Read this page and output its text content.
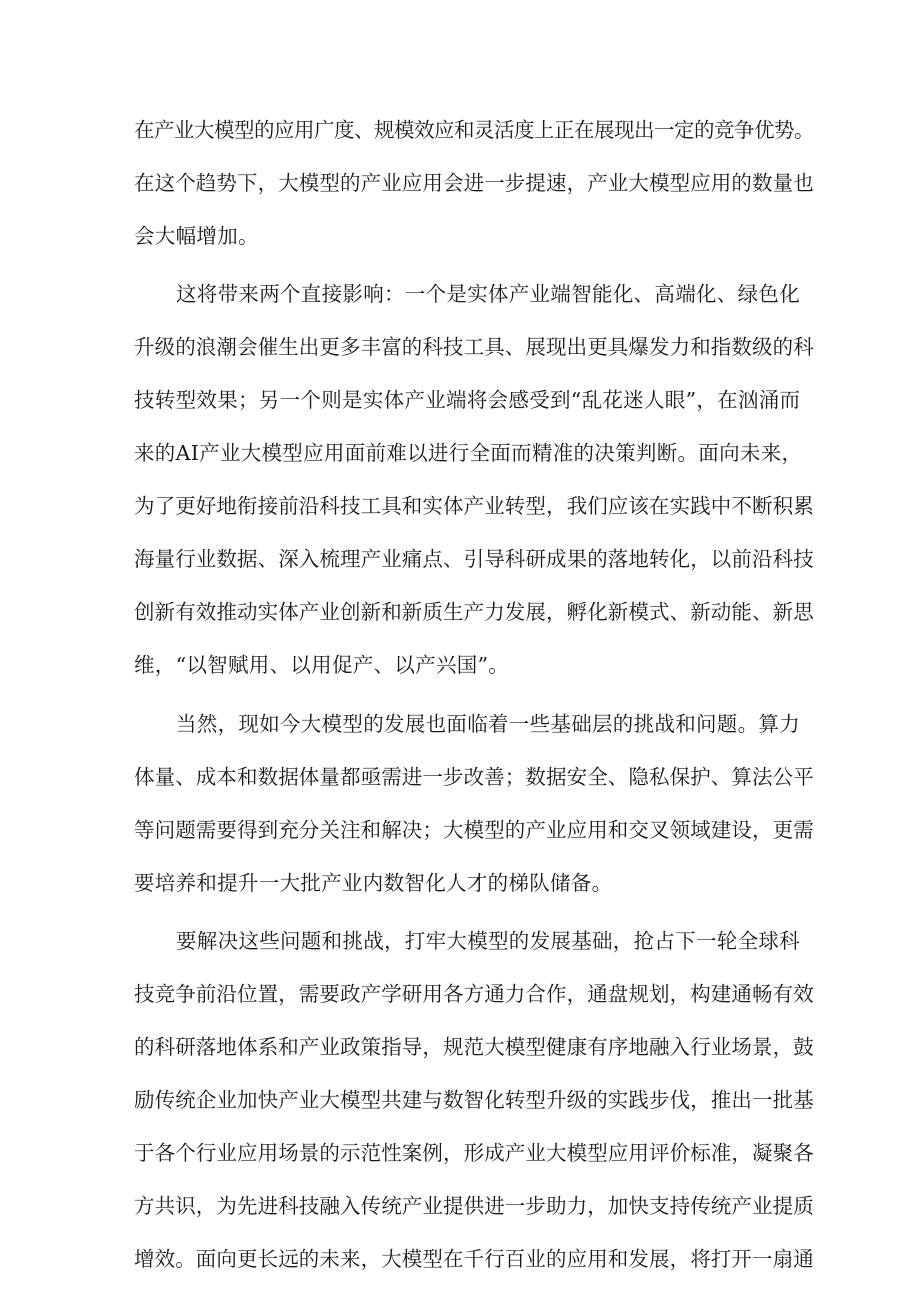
在产业大模型的应用广度、规模效应和灵活度上正在展现出一定的竞争优势。
在这个趋势下，大模型的产业应用会进一步提速，产业大模型应用的数量也
会大幅增加。
这将带来两个直接影响：一个是实体产业端智能化、高端化、绿色化
升级的浪潮会催生出更多丰富的科技工具、展现出更具爆发力和指数级的科
技转型效果；另一个则是实体产业端将会感受到“乱花迷人眼”，在汹涌而
来的AI产业大模型应用面前难以进行全面而精准的决策判断。面向未来，
为了更好地衔接前沿科技工具和实体产业转型，我们应该在实践中不断积累
海量行业数据、深入梳理产业痛点、引导科研成果的落地转化，以前沿科技
创新有效推动实体产业创新和新质生产力发展，孵化新模式、新动能、新思
维，“以智赋用、以用促产、以产兴国”。
当然，现如今大模型的发展也面临着一些基础层的挑战和问题。算力
体量、成本和数据体量都亟需进一步改善；数据安全、隐私保护、算法公平
等问题需要得到充分关注和解决；大模型的产业应用和交叉领域建设，更需
要培养和提升一大批产业内数智化人才的梯队储备。
要解决这些问题和挑战，打牢大模型的发展基础，抢占下一轮全球科
技竞争前沿位置，需要政产学研用各方通力合作，通盘规划，构建通畅有效
的科研落地体系和产业政策指导，规范大模型健康有序地融入行业场景，鼓
励传统企业加快产业大模型共建与数智化转型升级的实践步伐，推出一批基
于各个行业应用场景的示范性案例，形成产业大模型应用评价标准，凝聚各
方共识，为先进科技融入传统产业提供进一步助力，加快支持传统产业提质
增效。面向更长远的未来，大模型在千行百业的应用和发展，将打开一扇通
